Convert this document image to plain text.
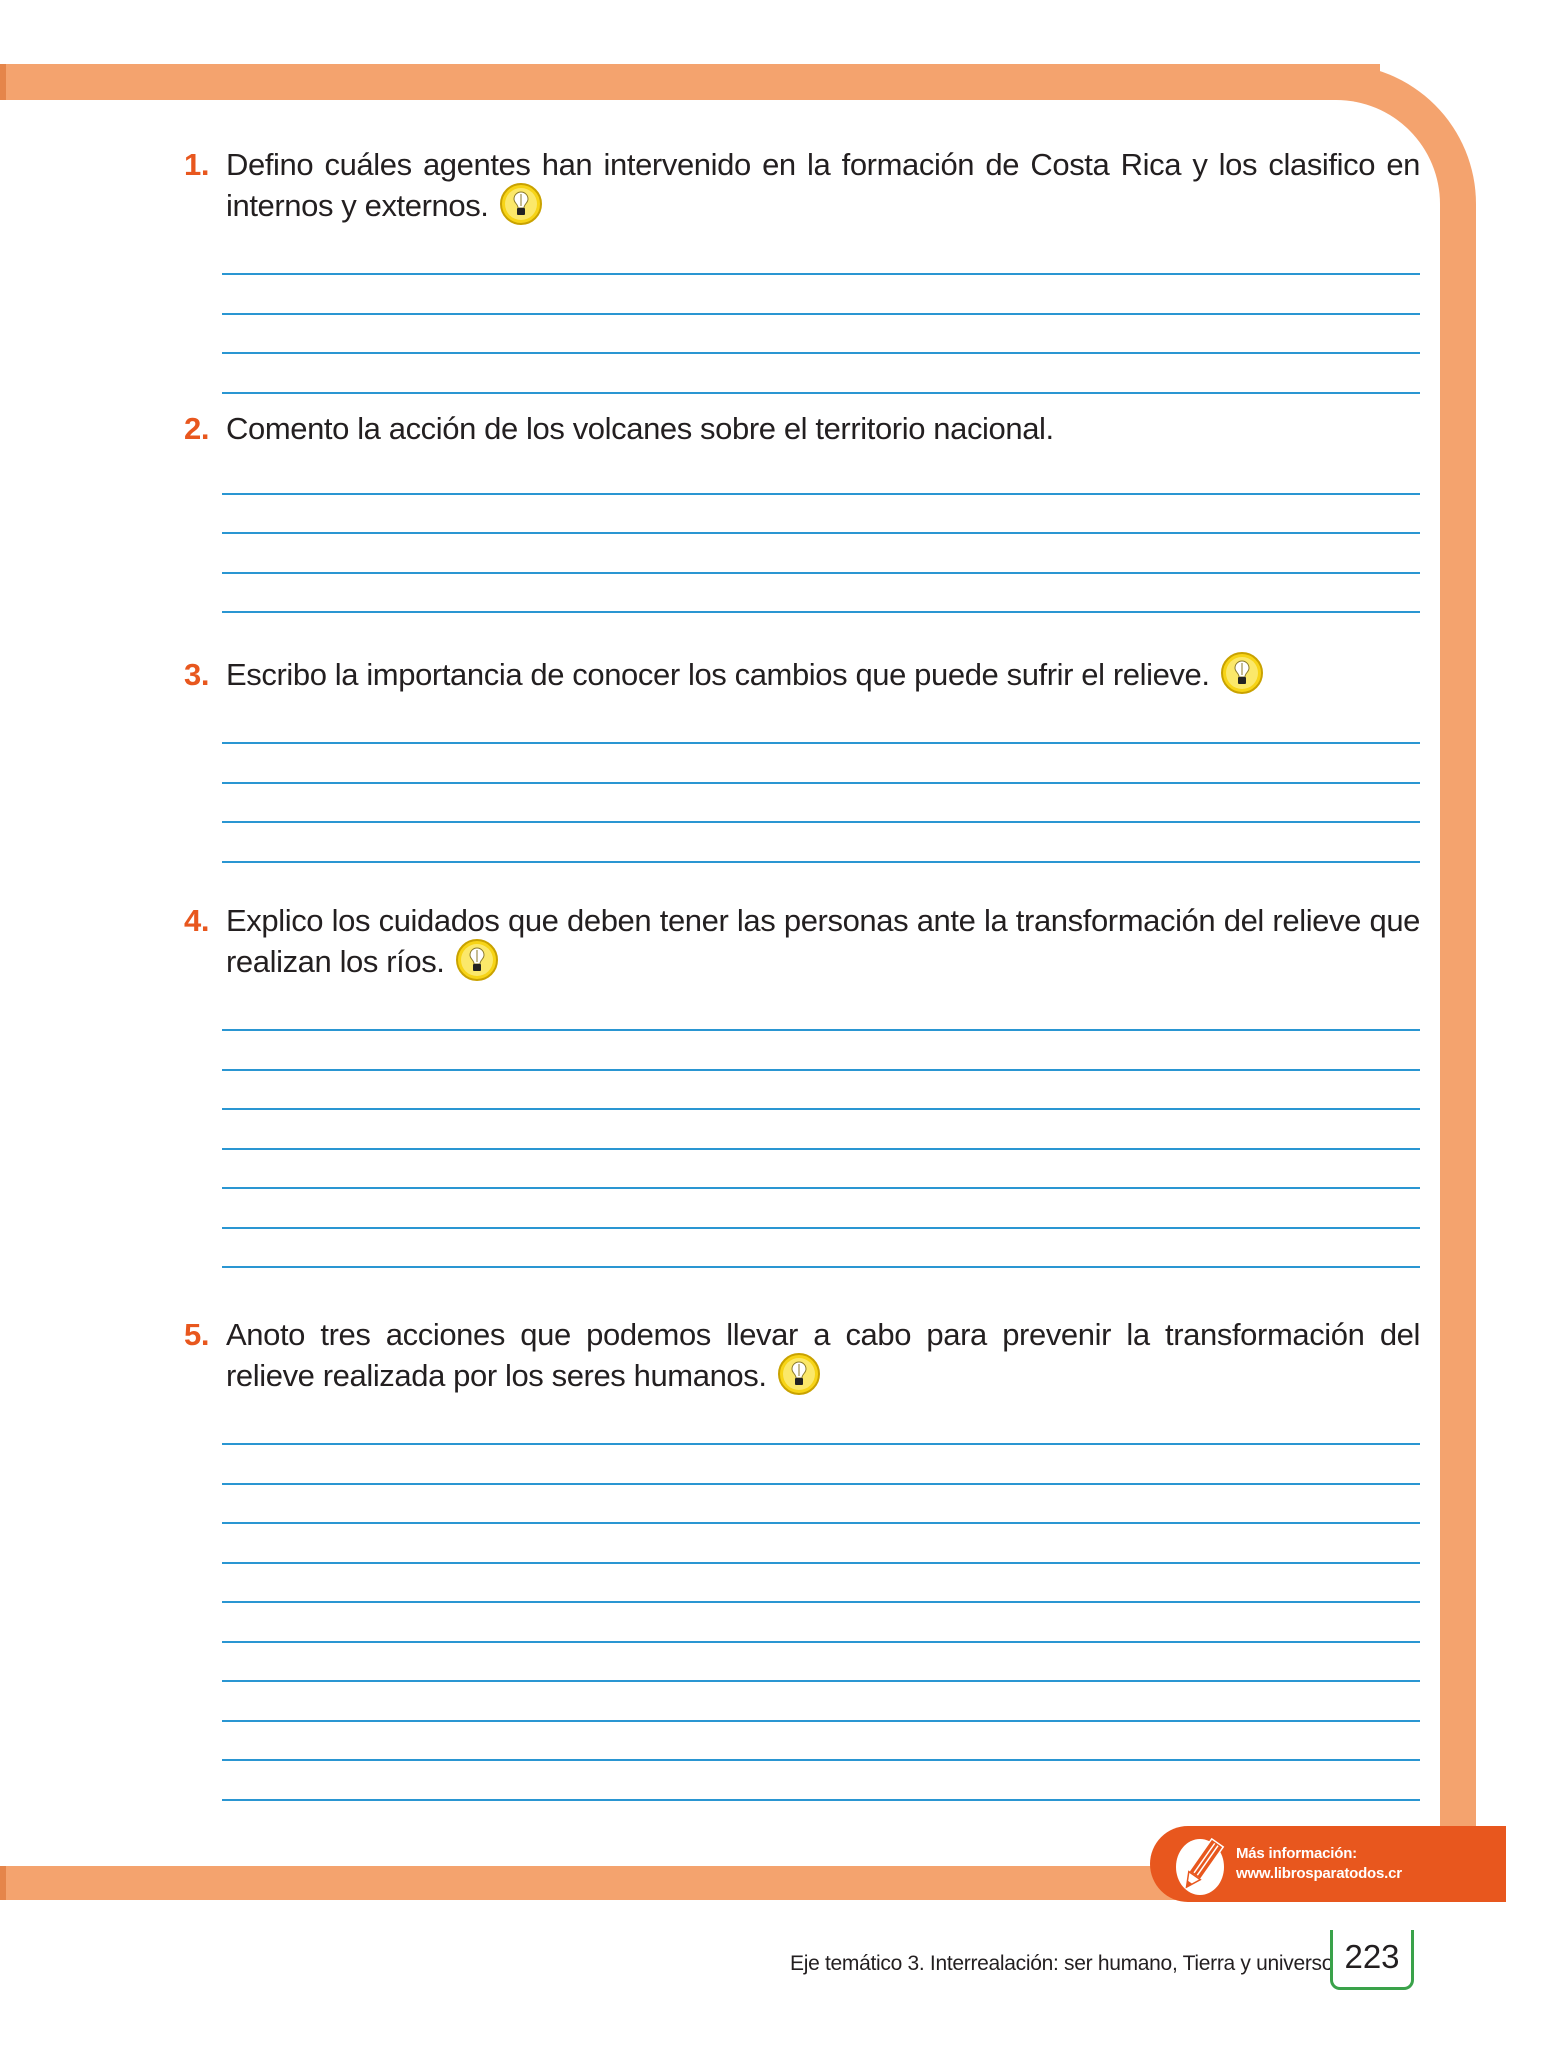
1. Defino cuáles agentes han intervenido en la formación de Costa Rica y los clasifico en internos y externos.
2. Comento la acción de los volcanes sobre el territorio nacional.
3. Escribo la importancia de conocer los cambios que puede sufrir el relieve.
4. Explico los cuidados que deben tener las personas ante la transformación del relieve que realizan los ríos.
5. Anoto tres acciones que podemos llevar a cabo para prevenir la transformación del relieve realizada por los seres humanos.
Más información:
www.librosparatodos.cr
Eje temático 3. Interrealación: ser humano, Tierra y universo 223
